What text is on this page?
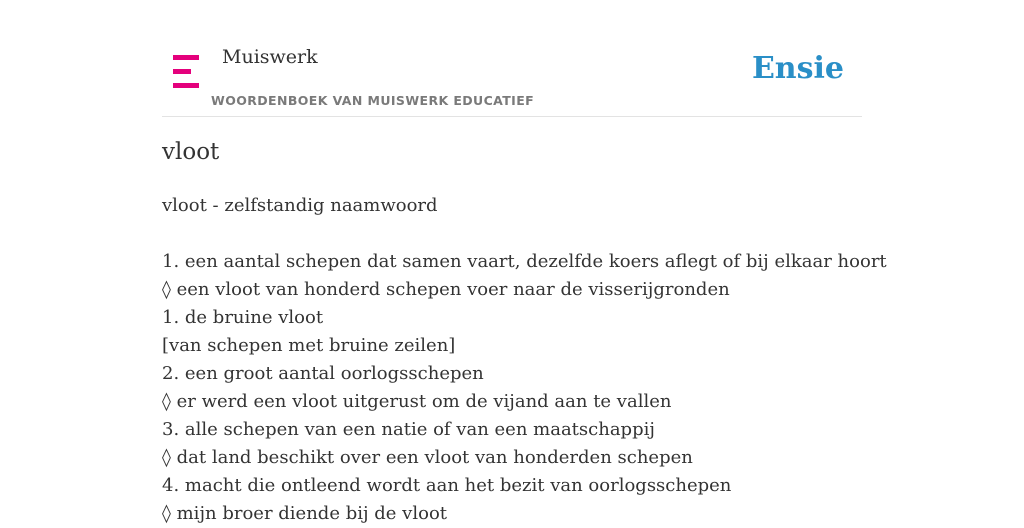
Muiswerk
WOORDENBOEK VAN MUISWERK EDUCATIEF
Ensie
vloot
vloot - zelfstandig naamwoord
1. een aantal schepen dat samen vaart, dezelfde koers aflegt of bij elkaar hoort
◊ een vloot van honderd schepen voer naar de visserijgronden
1. de bruine vloot
[van schepen met bruine zeilen]
2. een groot aantal oorlogsschepen
◊ er werd een vloot uitgerust om de vijand aan te vallen
3. alle schepen van een natie of van een maatschappij
◊ dat land beschikt over een vloot van honderden schepen
4. macht die ontleend wordt aan het bezit van oorlogsschepen
◊ mijn broer diende bij de vloot
